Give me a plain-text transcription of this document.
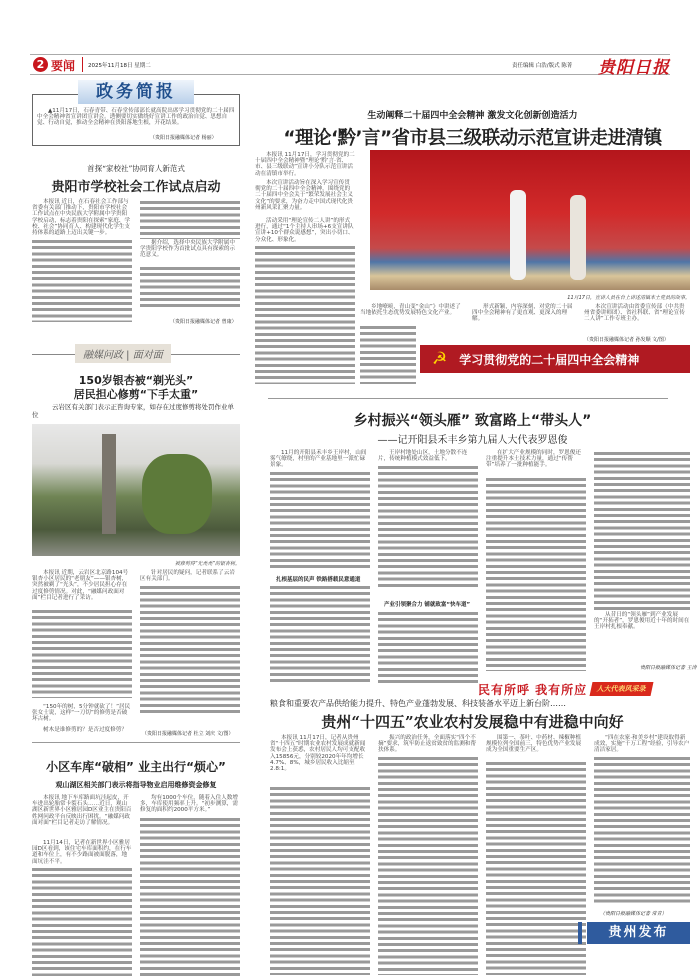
2 要闻 2025年11月18日 星期二	责任编辑 白浩/版式 陈菁 贵阳日报
政务简报
▲11月17日，石春青带、石春堂传部部长就高院出席学习贯彻党的二十届四中全会精神省宣讲团宣讲会。透侧要切实做绕好宣讲工作的政治自觉、思想自觉、行动自觉，推动全会精神在贵阳落地生根，开花结果。
（贵阳日报融媒体记者 杨丽）
首探“家校社”协同育人新范式
贵阳市学校社会工作试点启动
本报讯 近日，在石春社会工作部与省委有关部门推动下，贵阳市学校社会工作试点在中央民族大学附属中学贵阳学校启动，标志着贵阳在探索“家庭、学校、社会”协同育人、构建现代化学生支持体系的道路上迈出关键一步。
据介绍，选择中央民族大学附属中学贵阳学校作为首批试点具有探索的示范意义。
（贵阳日报融媒体记者 曾康）
融媒问政 | 面对面
150岁银杏被“剃光头”
居民担心修剪“下手太重”
云岩区有关部门表示正咨询专家，如存在过度修剪将处罚作业单位
被修剪得“光秃秃”的银杏树。
本报讯 近期，云岩区北京路104号银杏小区居民的“老朋友”——银杏树，突然被剃了“光头”，不少居民担心存在过度修剪情况。对此，“融媒问政面对面”栏目记者进行了采访。
“150年的树，5分钟就砍了！”居民张女士说，这样“一刀切”的修剪是否破坏古树。
树木是谁修剪的？是否过度修剪？
针对居民的疑问，记者联系了云岩区有关部门。
（贵阳日报融媒体记者 杜立 刘庆 文/图）
小区车库“破相” 业主出行“烦心”
观山湖区相关部门表示将指导物业启用维修资金修复
本报讯 地下车库路面坑洼起皮，开车进出轮胎常卡裂石头……近日，观山湖区新世界小区雅居园D区业主在贵阳百姓网问政平台反映出行困扰。“融媒问政面对面”栏目记者走访了解情况。
11月14日，记者在新世界小区雅居园D区看到，该住宅车库面积约，在行车道和车位上，有不少路面被面脱落，地面坑洼不平。
均有1000个车位，随着入住人数增多，车库使用频率上升。“初步测算，需修复的面积约2000平方米。”
生动阐释二十届四中全会精神 激发文化创新创造活力
“理论‘黔’言”省市县三级联动示范宣讲走进清镇
本报讯 11月17日，学习贯彻党的二十届四中全会精神暨“理论‘黔’言·省、市、县三级联动”宣讲小分队示范宣讲活动在清镇市举行。
本次宣讲活动旨在深入学习宣传贯彻党的二十届四中全会精神，围绕党的二十届四中全会关于“繁荣发展社会主义文化”的要求，为奋力走中国式现代化贵州新风采汇聚力量。
活动采用“理论宣传二人讲”的形式进行，通过“1个主持人串场+6支宣讲队宣讲+10个群众说感想”，突出小切口、分众化、形象化。
11月17日，宣讲人员在台上讲述清镇本土党员的故事。
乡地嘹喨，青山变“金山”》中讲述了当地依托生态优势发展特色文化产业。
形式新颖，内容深刻，对党的二十届四中全会精神有了更直观、更深入的理解。
本次宣讲活动由省委宣传部（中共贵州省委讲师团）、省社科联、省“理论宣传二人讲”工作专班主办。
（贵阳日报融媒体记者 孙发顺 文/图）
☭ 学习贯彻党的二十届四中全会精神
乡村振兴“领头雁” 致富路上“带头人”
——记开阳县禾丰乡第九届人大代表罗恩俊
11月的开阳县禾丰乡王岸村，山间雾气缭绕，村里的产业基地里一派忙碌景象。
扎根基层的民声 铁路搭载民意通道
王岸村地处山区，土地分散不连片，传统种植模式效益低下。
产业引领聚合力 铺就致富“快车道”
在扩大产业规模的同时，罗恩俊还注重提升本土技术力量，通过“传帮带”培养了一批种植能手。
从昔日的“领头雁”到产业发展的“开拓者”，罗恩俊用近十年的时间在王岸村扎根奉献。
贵阳日报融媒体记者 王涛
民有所呼 我有所应	人大代表风采录
粮食和重要农产品供给能力提升、特色产业蓬勃发展、科技装备水平迈上新台阶……
贵州“十四五”农业农村发展稳中有进稳中向好
本报讯 11月17日，记者从贵州省“十四五”时期农业农村发展成就新闻发布会上获悉，农村居民人均可支配收入15856元，分别较2020年年均增长4.7%、8%，城乡居民收入比缩至2.8:1。
振兴的政治任务，全面落实“四个不摘”要求，筑牢防止返贫致贫的监测和帮扶体系。
围第一、茶叶、中药材、辣椒种植规模位列全国前三，特色优势产业发展成为全国重要生产区。
“四在农家·和美乡村”建设取得新成效，实施“千万工程”经验，引导农户清洁家居。
（贵阳日报融媒体记者 常青）
贵州发布
